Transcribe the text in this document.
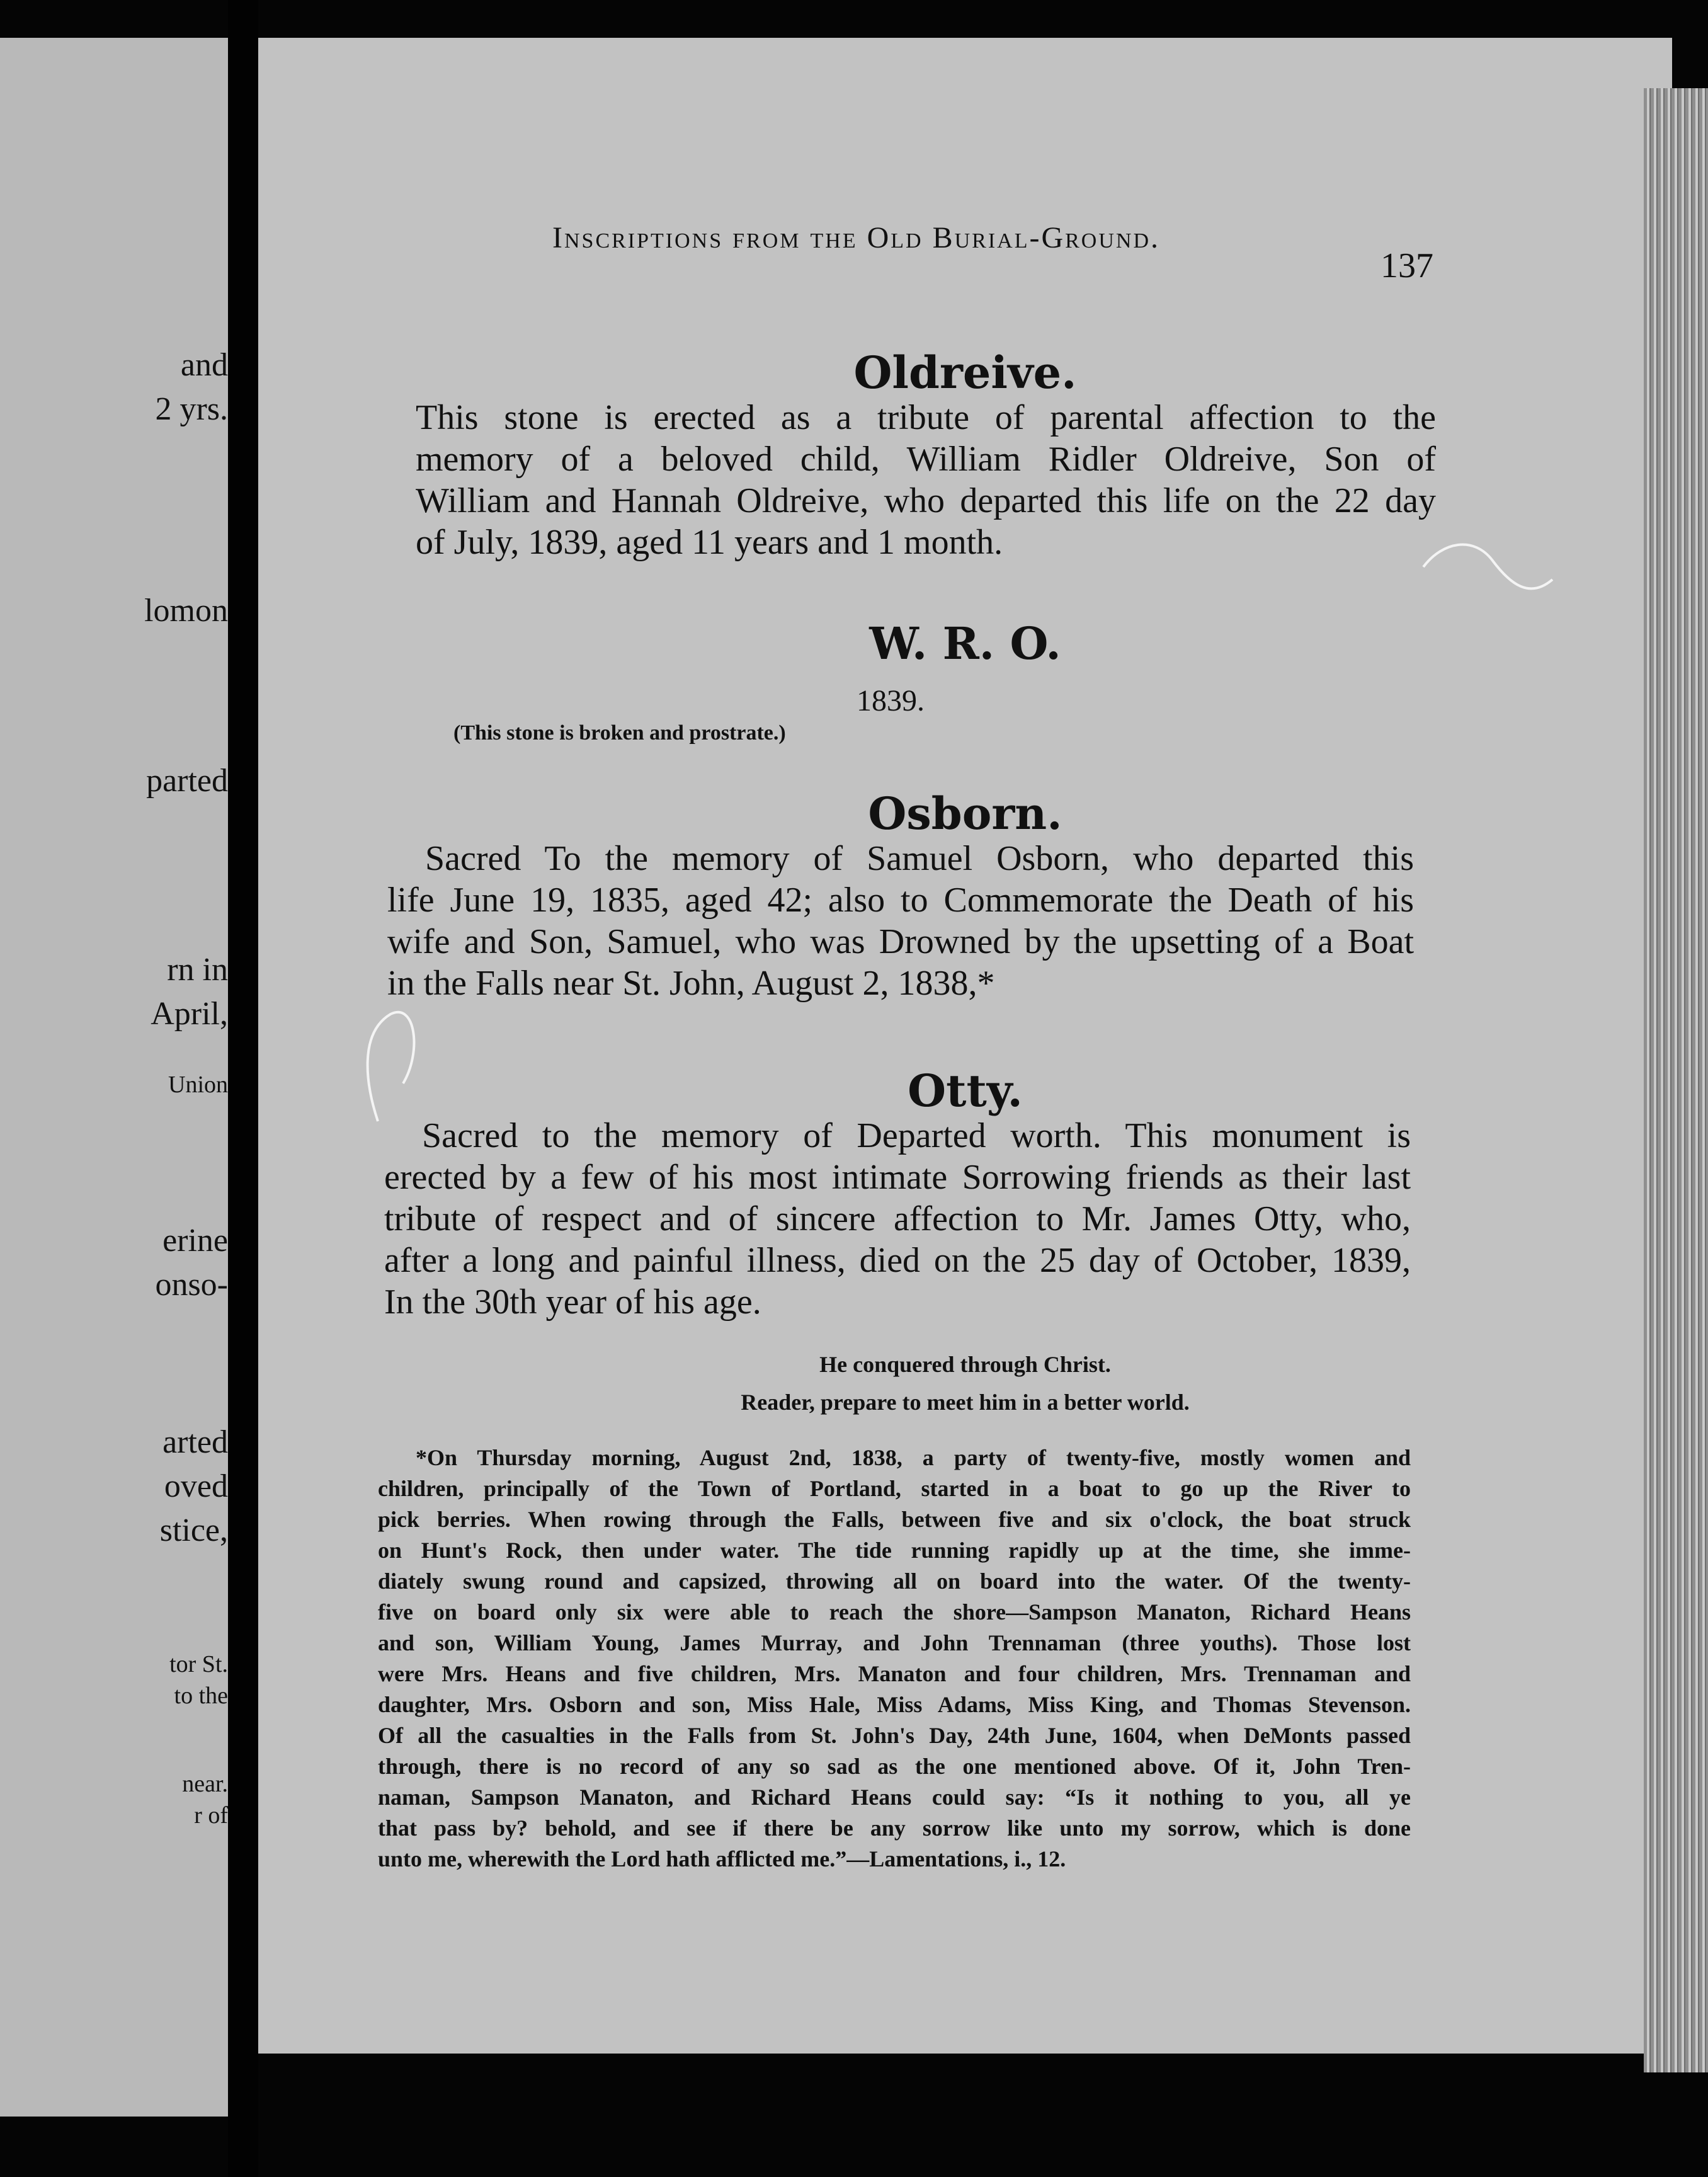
and
2 yrs.
lomon
parted
rn in
April,
Union
erine
onso-
arted
oved
stice,
tor St.
to the
near.
r of
Inscriptions from the Old Burial-Ground.
137
Oldreive.
This stone is erected as a tribute of parental affection to the
memory of a beloved child, William Ridler Oldreive, Son of
William and Hannah Oldreive, who departed this life on the 22 day
of July, 1839, aged 11 years and 1 month.
W. R. O.
1839.
(This stone is broken and prostrate.)
Osborn.
Sacred To the memory of Samuel Osborn, who departed this
life June 19, 1835, aged 42; also to Commemorate the Death of his
wife and Son, Samuel, who was Drowned by the upsetting of a Boat
in the Falls near St. John, August 2, 1838,*
Otty.
Sacred to the memory of Departed worth. This monument is
erected by a few of his most intimate Sorrowing friends as their last
tribute of respect and of sincere affection to Mr. James Otty, who,
after a long and painful illness, died on the 25 day of October, 1839,
In the 30th year of his age.
He conquered through Christ.
Reader, prepare to meet him in a better world.
*On Thursday morning, August 2nd, 1838, a party of twenty-five, mostly women and
children, principally of the Town of Portland, started in a boat to go up the River to
pick berries. When rowing through the Falls, between five and six o'clock, the boat struck
on Hunt's Rock, then under water. The tide running rapidly up at the time, she imme-
diately swung round and capsized, throwing all on board into the water. Of the twenty-
five on board only six were able to reach the shore—Sampson Manaton, Richard Heans
and son, William Young, James Murray, and John Trennaman (three youths). Those lost
were Mrs. Heans and five children, Mrs. Manaton and four children, Mrs. Trennaman and
daughter, Mrs. Osborn and son, Miss Hale, Miss Adams, Miss King, and Thomas Stevenson.
Of all the casualties in the Falls from St. John's Day, 24th June, 1604, when DeMonts passed
through, there is no record of any so sad as the one mentioned above. Of it, John Tren-
naman, Sampson Manaton, and Richard Heans could say: “Is it nothing to you, all ye
that pass by? behold, and see if there be any sorrow like unto my sorrow, which is done
unto me, wherewith the Lord hath afflicted me.”—Lamentations, i., 12.
